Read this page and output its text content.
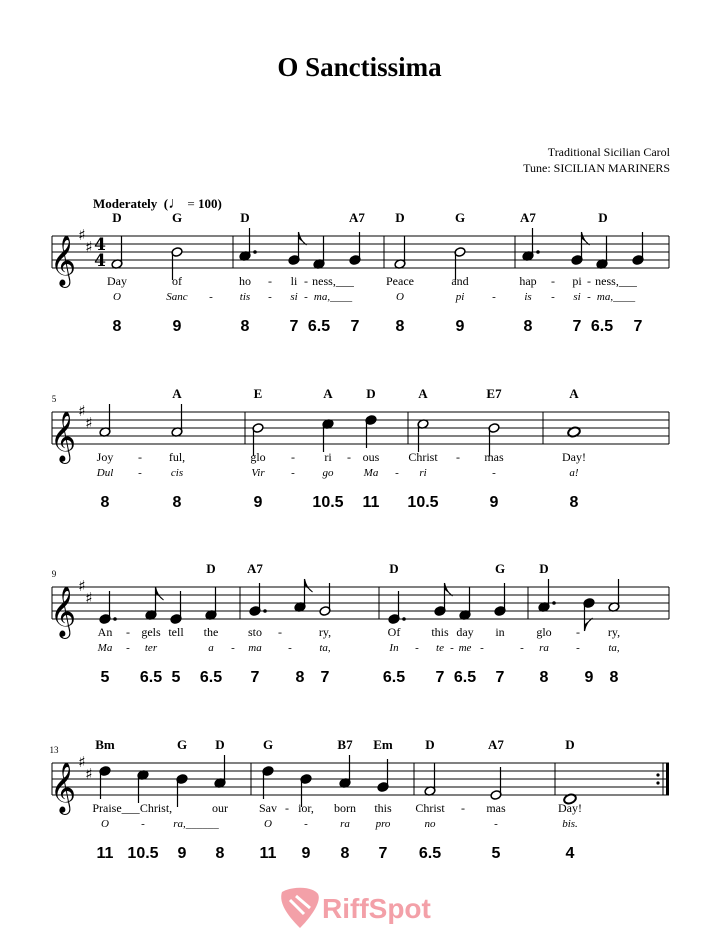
O Sanctissima
Traditional Sicilian Carol
Tune: SICILIAN MARINERS
Moderately  (♩ = 100)
𝄞 ♯
♯ 4
4
D	G	D	A7 D	G	A7	D
Day	of	ho - li - ness,___	Peace	and	hap - pi - ness,___
O	Sanc - tis - si - ma,____	O	pi	-	is - si - ma,____
8	9	8	7 6.5 7 8	9	8	7 6.5 7
𝄞 ♯
♯
5	A	E	A	D	A	E7	A
Joy - ful,	glo - ri - ous Christ - mas	Day!
Dul -	cis	Vir -	go	Ma - ri	-	a!
8	8	9	10.5 11 10.5	9	8
𝄞 ♯
♯
9	D A7	D	G	D
An - gels tell the sto -	ry,	Of	this day in	glo - ry,
Ma - ter	a - ma -	ta,	In - te - me -	ra
-	-	ta,
5 6.5 5 6.5 7 8 7	6.5 7 6.5 7 8 9 8
𝄞 ♯
♯
13	Bm	G D	G	B7 Em	D	A7	D
Praise___ Christ,	our	Sav - ior, born this Christ - mas	Day!
O	-	ra,______	O	-	ra pro	no	-	bis.
11 10.5 9 8 11 9 8 7 6.5	5	4
RiffSpot
